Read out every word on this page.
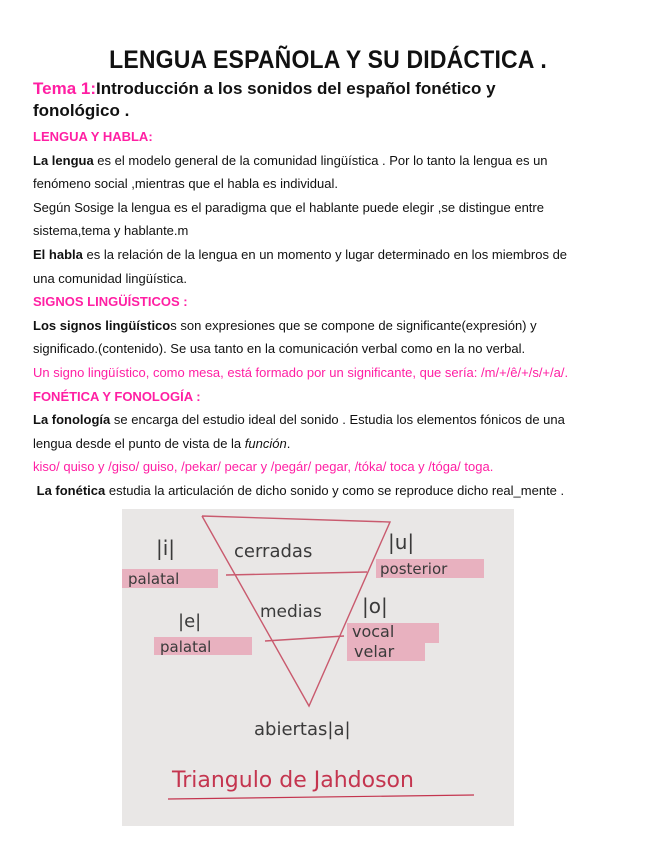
LENGUA ESPAÑOLA Y SU DIDÁCTICA .
Tema 1:Introducción a los sonidos del español fonético y
fonológico .

LENGUA Y HABLA:

La lengua es el modelo general de la comunidad lingüística . Por lo tanto la lengua es un

fenómeno social ,mientras que el habla es individual.

Según Sosige la lengua es el paradigma que el hablante puede elegir ,se distingue entre

sistema,tema y hablante.m

El habla es la relación de la lengua en un momento y lugar determinado en los miembros de

una comunidad lingüística.

SIGNOS LINGÜÍSTICOS :

Los signos lingüísticos son expresiones que se compone de significante(expresión) y

significado.(contenido). Se usa tanto en la comunicación verbal como en la no verbal.

Un signo lingüístico, como mesa, está formado por un significante, que sería: /m/+/ê/+/s/+/a/.

FONÉTICA Y FONOLOGÍA :

La fonología se encarga del estudio ideal del sonido . Estudia los elementos fónicos de una

lengua desde el punto de vista de la función.

kiso/ quiso y /giso/ guiso, /pekar/ pecar y /pegár/ pegar, /tóka/ toca y /tóga/ toga.

La fonética estudia la articulación de dicho sonido y como se reproduce dicho real_mente .

|i|	cerradas	|u|
palatal
posterior
|e|	medias |o|
palatal
vocal
velar
abiertas|a|
Triangulo de Jahdoson
